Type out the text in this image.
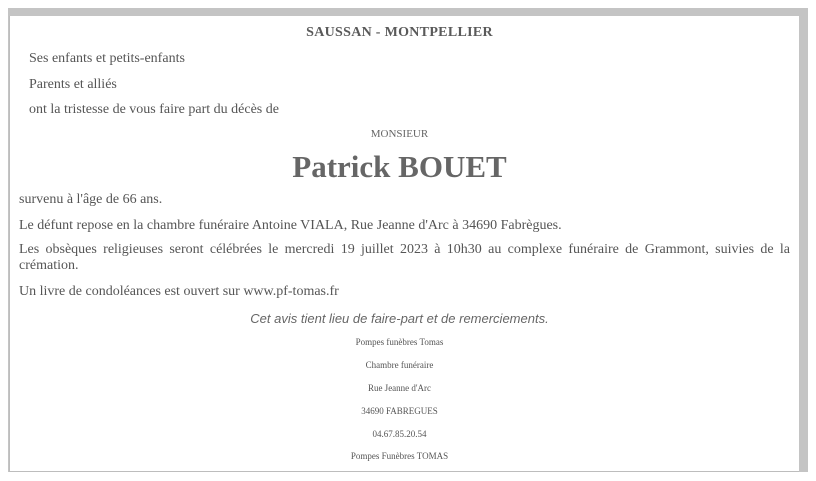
SAUSSAN - MONTPELLIER
Ses enfants et petits-enfants
Parents et alliés
ont la tristesse de vous faire part du décès de
MONSIEUR
Patrick BOUET
survenu à l'âge de 66 ans.
Le défunt repose en la chambre funéraire Antoine VIALA, Rue Jeanne d'Arc à 34690 Fabrègues.
Les obsèques religieuses seront célébrées le mercredi 19 juillet 2023 à 10h30 au complexe funéraire de Grammont, suivies de la crémation.
Un livre de condoléances est ouvert sur www.pf-tomas.fr
Cet avis tient lieu de faire-part et de remerciements.
Pompes funèbres Tomas
Chambre funéraire
Rue Jeanne d'Arc
34690 FABREGUES
04.67.85.20.54
Pompes Funèbres TOMAS
